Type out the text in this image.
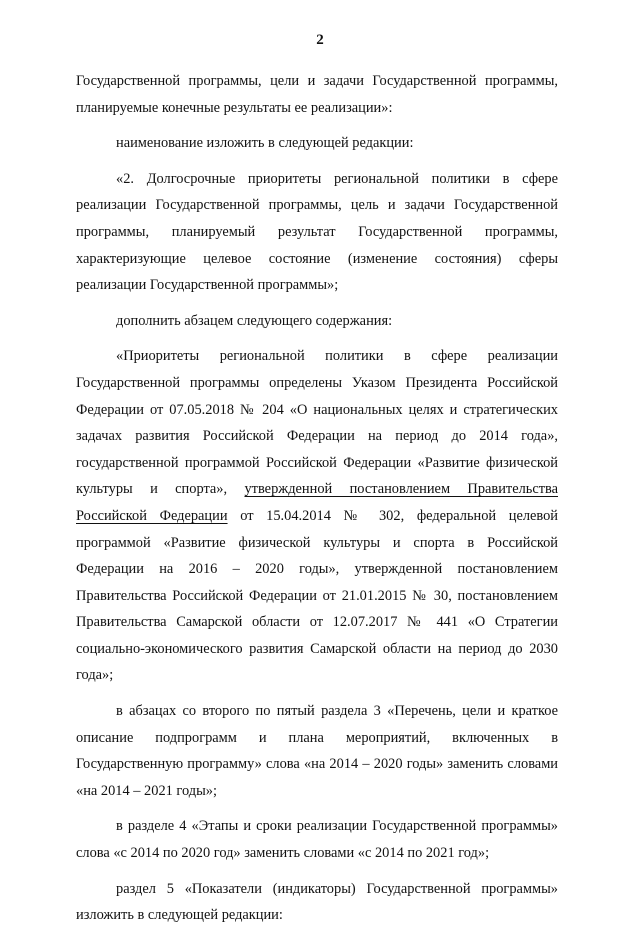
2

Государственной программы, цели и задачи Государственной программы, планируемые конечные результаты ее реализации»:

наименование изложить в следующей редакции:

«2. Долгосрочные приоритеты региональной политики в сфере реализации Государственной программы, цель и задачи Государственной программы, планируемый результат Государственной программы, характеризующие целевое состояние (изменение состояния) сферы реализации Государственной программы»;

дополнить абзацем следующего содержания:

«Приоритеты региональной политики в сфере реализации Государственной программы определены Указом Президента Российской Федерации от 07.05.2018 № 204 «О национальных целях и стратегических задачах развития Российской Федерации на период до 2014 года», государственной программой Российской Федерации «Развитие физической культуры и спорта», утвержденной постановлением Правительства Российской Федерации от 15.04.2014 № 302, федеральной целевой программой «Развитие физической культуры и спорта в Российской Федерации на 2016 – 2020 годы», утвержденной постановлением Правительства Российской Федерации от 21.01.2015 № 30, постановлением Правительства Самарской области от 12.07.2017 № 441 «О Стратегии социально-экономического развития Самарской области на период до 2030 года»;

в абзацах со второго по пятый раздела 3 «Перечень, цели и краткое описание подпрограмм и плана мероприятий, включенных в Государственную программу» слова «на 2014 – 2020 годы» заменить словами «на 2014 – 2021 годы»;

в разделе 4 «Этапы и сроки реализации Государственной программы» слова «с 2014 по 2020 год» заменить словами «с 2014 по 2021 год»;

раздел 5 «Показатели (индикаторы) Государственной программы» изложить в следующей редакции:
